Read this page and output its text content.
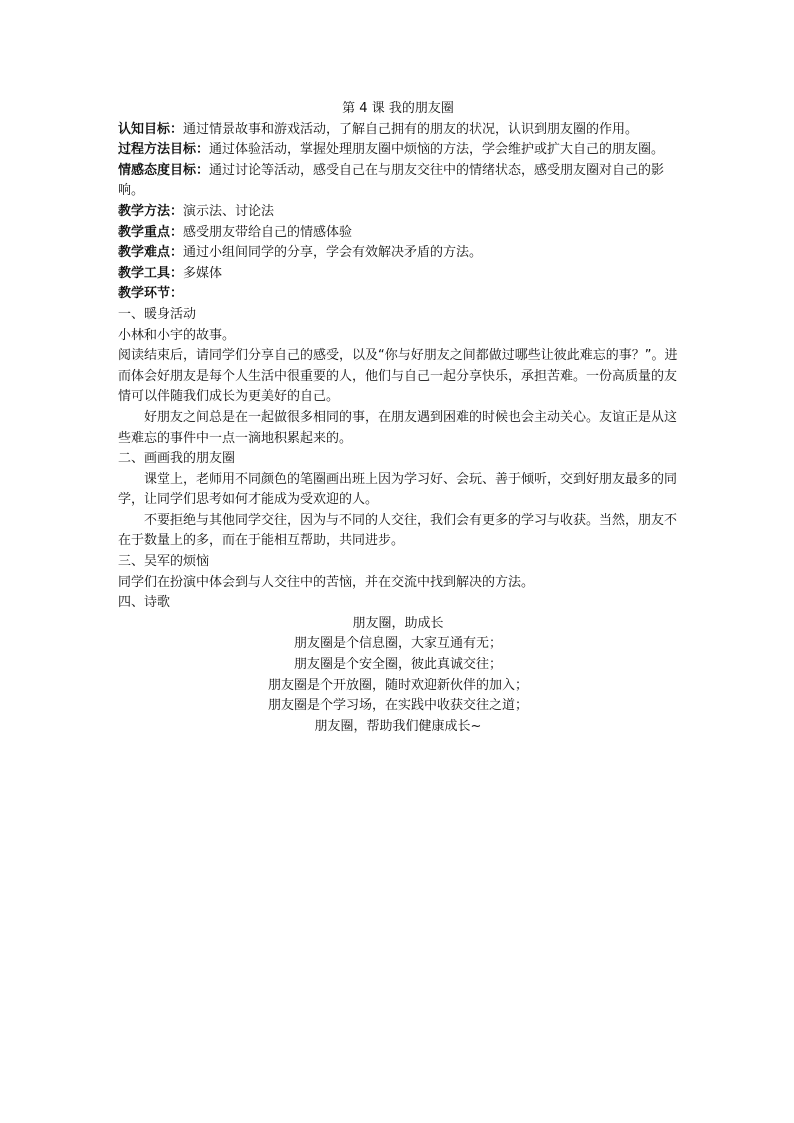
第 4 课 我的朋友圈

认知目标：通过情景故事和游戏活动，了解自己拥有的朋友的状况，认识到朋友圈的作用。

过程方法目标：通过体验活动，掌握处理朋友圈中烦恼的方法，学会维护或扩大自己的朋友圈。

情感态度目标：通过讨论等活动，感受自己在与朋友交往中的情绪状态，感受朋友圈对自己的影响。

教学方法：演示法、讨论法

教学重点：感受朋友带给自己的情感体验

教学难点：通过小组间同学的分享，学会有效解决矛盾的方法。

教学工具：多媒体

教学环节：

一、暖身活动

小林和小宇的故事。

阅读结束后，请同学们分享自己的感受，以及“你与好朋友之间都做过哪些让彼此难忘的事？”。进而体会好朋友是每个人生活中很重要的人，他们与自己一起分享快乐，承担苦难。一份高质量的友情可以伴随我们成长为更美好的自己。

好朋友之间总是在一起做很多相同的事，在朋友遇到困难的时候也会主动关心。友谊正是从这些难忘的事件中一点一滴地积累起来的。

二、画画我的朋友圈

课堂上，老师用不同颜色的笔圈画出班上因为学习好、会玩、善于倾听，交到好朋友最多的同学，让同学们思考如何才能成为受欢迎的人。

不要拒绝与其他同学交往，因为与不同的人交往，我们会有更多的学习与收获。当然，朋友不在于数量上的多，而在于能相互帮助，共同进步。

三、吴军的烦恼

同学们在扮演中体会到与人交往中的苦恼，并在交流中找到解决的方法。

四、诗歌

朋友圈，助成长

朋友圈是个信息圈，大家互通有无；

朋友圈是个安全圈，彼此真诚交往；

朋友圈是个开放圈，随时欢迎新伙伴的加入；

朋友圈是个学习场，在实践中收获交往之道；

朋友圈，帮助我们健康成长~
